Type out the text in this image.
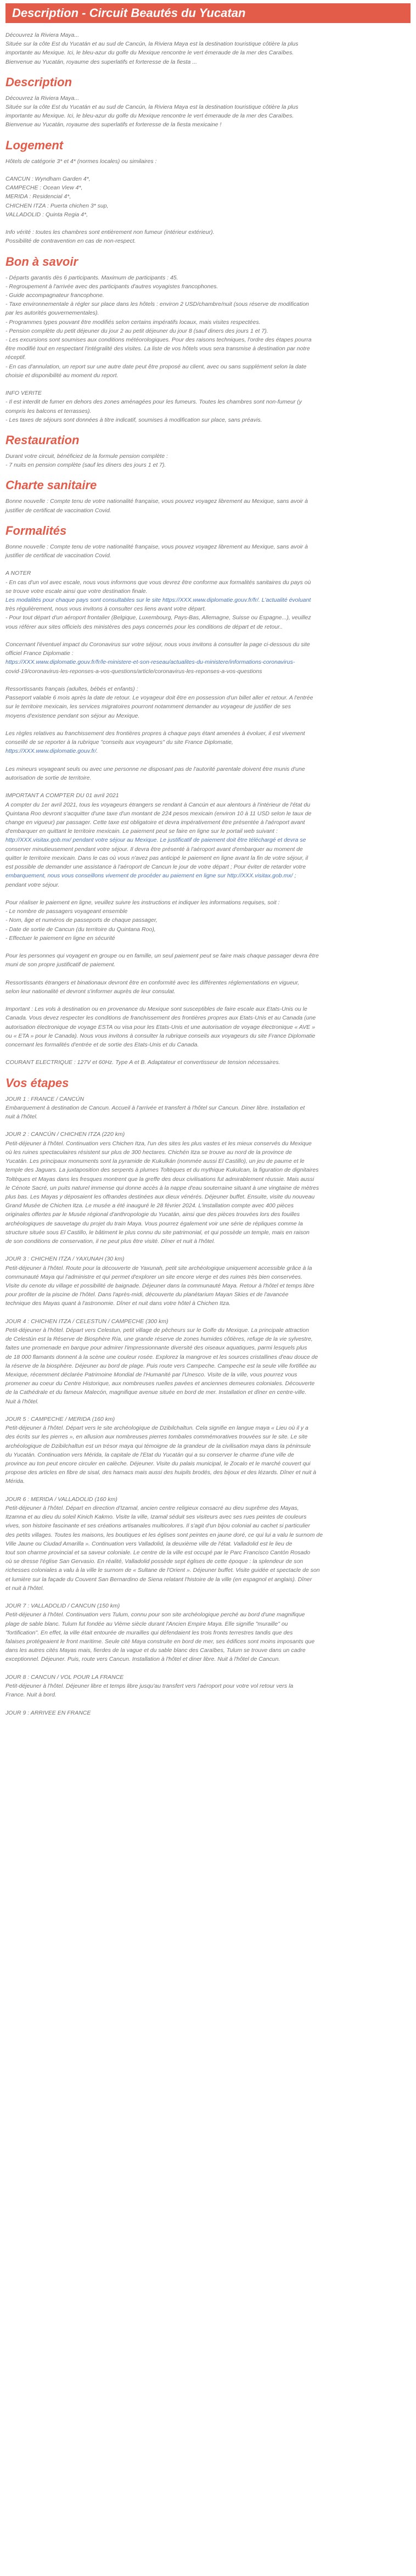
Description - Circuit Beautés du Yucatan

Découvrez la Riviera Maya...

Située sur la côte Est du Yucatán et au sud de Cancún, la Riviera Maya est la destination touristique côtière la plus

importante au Mexique. Ici, le bleu-azur du golfe du Mexique rencontre le vert émeraude de la mer des Caraïbes.

Bienvenue au Yucatán, royaume des superlatifs et forteresse de la fiesta ...

Description

Découvrez la Riviera Maya...

Située sur la côte Est du Yucatán et au sud de Cancún, la Riviera Maya est la destination touristique côtière la plus

importante au Mexique. Ici, le bleu-azur du golfe du Mexique rencontre le vert émeraude de la mer des Caraïbes.

Bienvenue au Yucatán, royaume des superlatifs et forteresse de la fiesta mexicaine !

Logement

Hôtels de catégorie 3* et 4* (normes locales) ou similaires :

CANCUN : Wyndham Garden 4*,

CAMPECHE : Ocean View 4*,

MERIDA : Residencial 4*,

CHICHEN ITZA : Puerta chichen 3* sup,

VALLADOLID : Quinta Regia 4*,

Info vérité : toutes les chambres sont entièrement non fumeur (intérieur extérieur).

Possibilité de contravention en cas de non-respect.

Bon à savoir

- Départs garantis dès 6 participants. Maximum de participants : 45.

- Regroupement à l'arrivée avec des participants d'autres voyagistes francophones.

- Guide accompagnateur francophone.

- Taxe environnementale à régler sur place dans les hôtels : environ 2 USD/chambre/nuit (sous réserve de modification

par les autorités gouvernementales).

- Programmes types pouvant être modifiés selon certains impératifs locaux, mais visites respectées.

- Pension complète du petit déjeuner du jour 2 au petit déjeuner du jour 8 (sauf diners des jours 1 et 7).

- Les excursions sont soumises aux conditions météorologiques. Pour des raisons techniques, l'ordre des étapes pourra

être modifié tout en respectant l'intégralité des visites. La liste de vos hôtels vous sera transmise à destination par notre

réceptif.

- En cas d'annulation, un report sur une autre date peut être proposé au client, avec ou sans supplément selon la date

choisie et disponibilité au moment du report.

INFO VERITE

- Il est interdit de fumer en dehors des zones aménagées pour les fumeurs. Toutes les chambres sont non-fumeur (y

compris les balcons et terrasses).

- Les taxes de séjours sont données à titre indicatif, soumises à modification sur place, sans préavis.

Restauration

Durant votre circuit, bénéficiez de la formule pension complète :

- 7 nuits en pension complète (sauf les diners des jours 1 et 7).

Charte sanitaire

Bonne nouvelle : Compte tenu de votre nationalité française, vous pouvez voyagez librement au Mexique, sans avoir à

justifier de certificat de vaccination Covid.

Formalités

Bonne nouvelle : Compte tenu de votre nationalité française, vous pouvez voyagez librement au Mexique, sans avoir à

justifier de certificat de vaccination Covid.

A NOTER

- En cas d'un vol avec escale, nous vous informons que vous devrez être conforme aux formalités sanitaires du pays où

se trouve votre escale ainsi que votre destination finale.

Les modalités pour chaque pays sont consultables sur le site https://XXX.www.diplomatie.gouv.fr/fr/. L'actualité évoluant

très régulièrement, nous vous invitons à consulter ces liens avant votre départ.

- Pour tout départ d'un aéroport frontalier (Belgique, Luxembourg, Pays-Bas, Allemagne, Suisse ou Espagne...), veuillez

vous référer aux sites officiels des ministères des pays concernés pour les conditions de départ et de retour..

Concernant l'éventuel impact du Coronavirus sur votre séjour, nous vous invitons à consulter la page ci-dessous du site

officiel France Diplomatie :

https://XXX.www.diplomatie.gouv.fr/fr/le-ministere-et-son-reseau/actualites-du-ministere/informations-coronavirus-

covid-19/coronavirus-les-reponses-a-vos-questions/article/coronavirus-les-reponses-a-vos-questions

Ressortissants français (adultes, bébés et enfants) :

Passeport valable 6 mois après la date de retour. Le voyageur doit être en possession d'un billet aller et retour. A l'entrée

sur le territoire mexicain, les services migratoires pourront notamment demander au voyageur de justifier de ses

moyens d'existence pendant son séjour au Mexique.

Les règles relatives au franchissement des frontières propres à chaque pays étant amenées à évoluer, il est vivement

conseillé de se reporter à la rubrique "conseils aux voyageurs" du site France Diplomatie,

https://XXX.www.diplomatie.gouv.fr/.

Les mineurs voyageant seuls ou avec une personne ne disposant pas de l'autorité parentale doivent être munis d'une

autorisation de sortie de territoire.

IMPORTANT A COMPTER DU 01 avril 2021

A compter du 1er avril 2021, tous les voyageurs étrangers se rendant à Cancún et aux alentours à l'intérieur de l'état du

Quintana Roo devront s'acquitter d'une taxe d'un montant de 224 pesos mexicain (environ 10 à 11 USD selon le taux de

change en vigueur) par passager. Cette taxe est obligatoire et devra impérativement être présentée à l'aéroport avant

d'embarquer en quittant le territoire mexicain. Le paiement peut se faire en ligne sur le portail web suivant :

http://XXX.visitax.gob.mx/ pendant votre séjour au Mexique. Le justificatif de paiement doit être téléchargé et devra se

conserver minutieusement pendant votre séjour. Il devra être présenté à l'aéroport avant d'embarquer au moment de

quitter le territoire mexicain. Dans le cas où vous n'avez pas anticipé le paiement en ligne avant la fin de votre séjour, il

est possible de demander une assistance à l'aéroport de Cancun le jour de votre départ ; Pour éviter de retarder votre

embarquement, nous vous conseillons vivement de procéder au paiement en ligne sur http://XXX.visitax.gob.mx/ ;

pendant votre séjour.

Pour réaliser le paiement en ligne, veuillez suivre les instructions et indiquer les informations requises, soit :

- Le nombre de passagers voyageant ensemble

- Nom, âge et numéros de passeports de chaque passager,

- Date de sortie de Cancun (du territoire du Quintana Roo),

- Effectuer le paiement en ligne en sécurité

Pour les personnes qui voyagent en groupe ou en famille, un seul paiement peut se faire mais chaque passager devra être

muni de son propre justificatif de paiement.

Ressortissants étrangers et binationaux devront être en conformité avec les différentes réglementations en vigueur,

selon leur nationalité et devront s'informer auprès de leur consulat.

Important : Les vols à destination ou en provenance du Mexique sont susceptibles de faire escale aux Etats-Unis ou le

Canada. Vous devez respecter les conditions de franchissement des frontières propres aux Etats-Unis et au Canada (une

autorisation électronique de voyage ESTA ou visa pour les Etats-Unis et une autorisation de voyage électronique « AVE »

ou « ETA » pour le Canada). Nous vous invitons à consulter la rubrique conseils aux voyageurs du site France Diplomatie

concernant les formalités d'entrée et de sortie des Etats-Unis et du Canada.

COURANT ELECTRIQUE : 127V et 60Hz. Type A et B. Adaptateur et convertisseur de tension nécessaires.

Vos étapes

JOUR 1 : FRANCE / CANCÚN

Embarquement à destination de Cancun. Accueil à l'arrivée et transfert à l'hôtel sur Cancun. Diner libre. Installation et

nuit à l'hôtel.

JOUR 2 : CANCÚN / CHICHEN ITZA (220 km)

Petit-déjeuner à l'hôtel. Continuation vers Chichen Itza, l'un des sites les plus vastes et les mieux conservés du Mexique

où les ruines spectaculaires résistent sur plus de 300 hectares. Chichén Itza se trouve au nord de la province de

Yucatán. Les principaux monuments sont la pyramide de Kukulkán (nommée aussi El Castillo), un jeu de paume et le

temple des Jaguars. La juxtaposition des serpents à plumes Toltèques et du mythique Kukulcan, la figuration de dignitaires

Toltèques et Mayas dans les fresques montrent que la greffe des deux civilisations fut admirablement réussie. Mais aussi

le Cénote Sacré, un puits naturel immense qui donne accès à la nappe d'eau souterraine situant à une vingtaine de mètres

plus bas. Les Mayas y déposaient les offrandes destinées aux dieux vénérés. Déjeuner buffet. Ensuite, visite du nouveau

Grand Musée de Chichen Itza. Le musée a été inauguré le 28 février 2024. L'installation compte avec 400 pièces

originales offertes par le Musée régional d'anthropologie du Yucatán, ainsi que des pièces trouvées lors des fouilles

archéologiques de sauvetage du projet du train Maya. Vous pourrez également voir une série de répliques comme la

structure située sous El Castillo, le bâtiment le plus connu du site patrimonial, et qui possède un temple, mais en raison

de son conditions de conservation, il ne peut plus être visité. Dîner et nuit à l'hôtel.

JOUR 3 : CHICHEN ITZA / YAXUNAH (30 km)

Petit-déjeuner à l'hôtel. Route pour la découverte de Yaxunah, petit site archéologique uniquement accessible grâce à la

communauté Maya qui l'administre et qui permet d'explorer un site encore vierge et des ruines très bien conservées.

Visite du cenote du village et possibilité de baignade. Déjeuner dans la communauté Maya. Retour à l'hôtel et temps libre

pour profiter de la piscine de l'hôtel. Dans l'après-midi, découverte du planétarium Mayan Skies et de l'avancée

technique des Mayas quant à l'astronomie. Dîner et nuit dans votre hôtel à Chichen Itza.

JOUR 4 : CHICHEN ITZA / CELESTUN / CAMPECHE (300 km)

Petit-déjeuner à l'hôtel. Départ vers Celestun, petit village de pêcheurs sur le Golfe du Mexique. La principale attraction

de Celestún est la Réserve de Biosphère Ría, une grande réserve de zones humides côtières, refuge de la vie sylvestre,

faites une promenade en barque pour admirer l'impressionnante diversité des oiseaux aquatiques, parmi lesquels plus

de 18 000 flamants donnent à la scène une couleur rosée. Explorez la mangrove et les sources cristallines d'eau douce de

la réserve de la biosphère. Déjeuner au bord de plage. Puis route vers Campeche. Campeche est la seule ville fortifiée au

Mexique, récemment déclarée Patrimoine Mondial de l'Humanité par l'Unesco. Visite de la ville, vous pourrez vous

promener au coeur du Centre Historique, aux nombreuses ruelles pavées et anciennes demeures coloniales. Découverte

de la Cathédrale et du fameux Malecón, magnifique avenue située en bord de mer. Installation et dîner en centre-ville.

Nuit à l'hôtel.

JOUR 5 : CAMPECHE / MERIDA (160 km)

Petit-déjeuner à l'hôtel. Départ vers le site archéologique de Dzibilchaltun. Cela signifie en langue maya « Lieu où il y a

des écrits sur les pierres », en allusion aux nombreuses pierres tombales commémoratives trouvées sur le site. Le site

archéologique de Dzibilchaltun est un trésor maya qui témoigne de la grandeur de la civilisation maya dans la péninsule

du Yucatán. Continuation vers Mérida, la capitale de l'Etat du Yucatán qui a su conserver le charme d'une ville de

province au ton peut encore circuler en calèche. Déjeuner. Visite du palais municipal, le Zocalo et le marché couvert qui

propose des articles en fibre de sisal, des hamacs mais aussi des huipils brodés, des bijoux et des lézards. Dîner et nuit à

Mérida.

JOUR 6 : MERIDA / VALLADOLID (160 km)

Petit-déjeuner à l'hôtel. Départ en direction d'Izamal, ancien centre religieux consacré au dieu suprême des Mayas,

Itzamna et au dieu du soleil Kinich Kakmo. Visite la ville, Izamal séduit ses visiteurs avec ses rues peintes de couleurs

vives, son histoire fascinante et ses créations artisanales multicolores. Il s'agit d'un bijou colonial au cachet si particulier

des petits villages. Toutes les maisons, les boutiques et les églises sont peintes en jaune doré, ce qui lui a valu le surnom de

Ville Jaune ou Ciudad Amarilla ». Continuation vers Valladolid, la deuxième ville de l'état. Valladolid est le lieu de

tout son charme provincial et sa saveur coloniale. Le centre de la ville est occupé par le Parc Francisco Cantón Rosado

où se dresse l'église San Gervasio. En réalité, Valladolid possède sept églises de cette époque : la splendeur de son

richesses coloniales a valu à la ville le surnom de « Sultane de l'Orient ». Déjeuner buffet. Visite guidée et spectacle de son

et lumière sur la façade du Couvent San Bernardino de Siena relatant l'histoire de la ville (en espagnol et anglais). Dîner

et nuit à l'hôtel.

JOUR 7 : VALLADOLID / CANCUN (150 km)

Petit-déjeuner à l'hôtel. Continuation vers Tulum, connu pour son site archéologique perché au bord d'une magnifique

plage de sable blanc. Tulum fut fondée au Vième siècle durant l'Ancien Empire Maya. Elle signifie "muraille" ou

"fortification". En effet, la ville était entourée de murailles qui défendaient les trois fronts terrestres tandis que des

falaises protégeaient le front maritime. Seule cité Maya construite en bord de mer, ses édifices sont moins imposants que

dans les autres cités Mayas mais, fierdes de la vague et du sable blanc des Caraïbes, Tulum se trouve dans un cadre

exceptionnel. Déjeuner. Puis, route vers Cancun. Installation à l'hôtel et diner libre. Nuit à l'hôtel de Cancun.

JOUR 8 : CANCUN / VOL POUR LA FRANCE

Petit-déjeuner à l'hôtel. Déjeuner libre et temps libre jusqu'au transfert vers l'aéroport pour votre vol retour vers la

France. Nuit à bord.

JOUR 9 : ARRIVEE EN FRANCE
